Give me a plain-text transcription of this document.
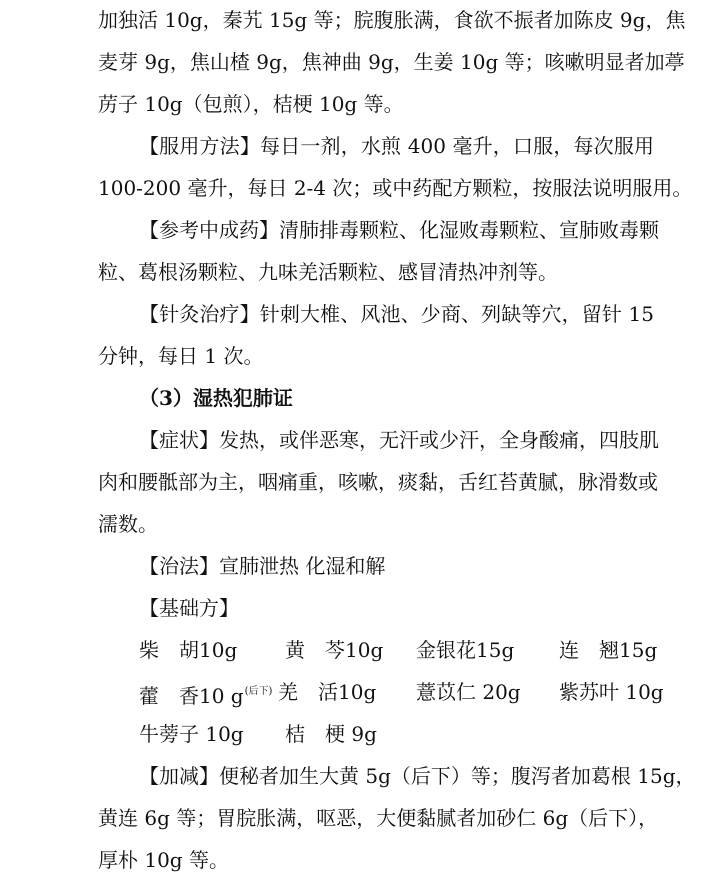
加独活 10g，秦艽 15g 等；脘腹胀满，食欲不振者加陈皮 9g，焦
麦芽 9g，焦山楂 9g，焦神曲 9g，生姜 10g 等；咳嗽明显者加葶
苈子 10g（包煎），桔梗 10g 等。
【服用方法】每日一剂，水煎 400 毫升，口服，每次服用
100-200 毫升，每日 2-4 次；或中药配方颗粒，按服法说明服用。
【参考中成药】清肺排毒颗粒、化湿败毒颗粒、宣肺败毒颗
粒、葛根汤颗粒、九味羌活颗粒、感冒清热冲剂等。
【针灸治疗】针刺大椎、风池、少商、列缺等穴，留针 15
分钟，每日 1 次。
（3）湿热犯肺证
【症状】发热，或伴恶寒，无汗或少汗，全身酸痛，四肢肌
肉和腰骶部为主，咽痛重，咳嗽，痰黏，舌红苔黄腻，脉滑数或
濡数。
【治法】宣肺泄热 化湿和解
【基础方】
柴　胡10g 黄　芩10g 金银花15g 连　翘15g
藿　香10 $g^{(后下)}$ 羌　活10g 薏苡仁 20g 紫苏叶 10g
牛蒡子 10g 桔　梗 9g
【加减】便秘者加生大黄 5g（后下）等；腹泻者加葛根 15g，
黄连 6g 等；胃脘胀满，呕恶，大便黏腻者加砂仁 6g（后下），
厚朴 10g 等。
